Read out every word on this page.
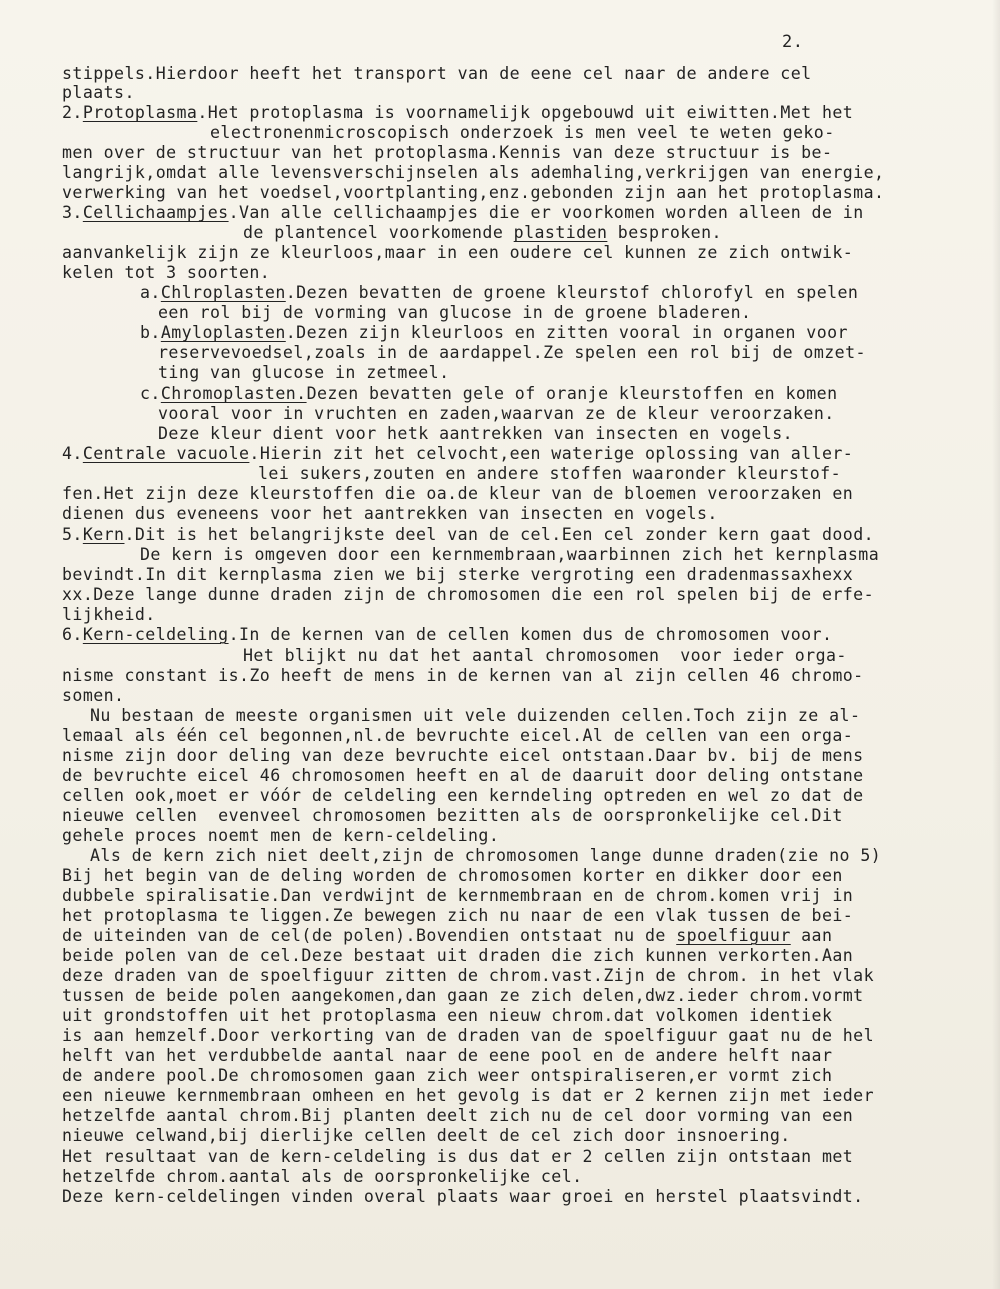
2.
stippels.Hierdoor heeft het transport van de eene cel naar de andere cel
plaats.
2.Protoplasma.Het protoplasma is voornamelijk opgebouwd uit eiwitten.Met het
electronenmicroscopisch onderzoek is men veel te weten geko-
men over de structuur van het protoplasma.Kennis van deze structuur is be-
langrijk,omdat alle levensverschijnselen als ademhaling,verkrijgen van energie,
verwerking van het voedsel,voortplanting,enz.gebonden zijn aan het protoplasma.
3.Cellichaampjes.Van alle cellichaampjes die er voorkomen worden alleen de in
de plantencel voorkomende plastiden besproken.
aanvankelijk zijn ze kleurloos,maar in een oudere cel kunnen ze zich ontwik-
kelen tot 3 soorten.
a.Chlroplasten.Dezen bevatten de groene kleurstof chlorofyl en spelen
een rol bij de vorming van glucose in de groene bladeren.
b.Amyloplasten.Dezen zijn kleurloos en zitten vooral in organen voor
reservevoedsel,zoals in de aardappel.Ze spelen een rol bij de omzet-
ting van glucose in zetmeel.
c.Chromoplasten.Dezen bevatten gele of oranje kleurstoffen en komen
vooral voor in vruchten en zaden,waarvan ze de kleur veroorzaken.
Deze kleur dient voor hetk aantrekken van insecten en vogels.
4.Centrale vacuole.Hierin zit het celvocht,een waterige oplossing van aller-
lei sukers,zouten en andere stoffen waaronder kleurstof-
fen.Het zijn deze kleurstoffen die oa.de kleur van de bloemen veroorzaken en
dienen dus eveneens voor het aantrekken van insecten en vogels.
5.Kern.Dit is het belangrijkste deel van de cel.Een cel zonder kern gaat dood.
De kern is omgeven door een kernmembraan,waarbinnen zich het kernplasma
bevindt.In dit kernplasma zien we bij sterke vergroting een dradenmassaxhexx
xx.Deze lange dunne draden zijn de chromosomen die een rol spelen bij de erfe-
lijkheid.
6.Kern-celdeling.In de kernen van de cellen komen dus de chromosomen voor.
Het blijkt nu dat het aantal chromosomen  voor ieder orga-
nisme constant is.Zo heeft de mens in de kernen van al zijn cellen 46 chromo-
somen.
Nu bestaan de meeste organismen uit vele duizenden cellen.Toch zijn ze al-
lemaal als één cel begonnen,nl.de bevruchte eicel.Al de cellen van een orga-
nisme zijn door deling van deze bevruchte eicel ontstaan.Daar bv. bij de mens
de bevruchte eicel 46 chromosomen heeft en al de daaruit door deling ontstane
cellen ook,moet er vóór de celdeling een kerndeling optreden en wel zo dat de
nieuwe cellen  evenveel chromosomen bezitten als de oorspronkelijke cel.Dit
gehele proces noemt men de kern-celdeling.
Als de kern zich niet deelt,zijn de chromosomen lange dunne draden(zie no 5)
Bij het begin van de deling worden de chromosomen korter en dikker door een
dubbele spiralisatie.Dan verdwijnt de kernmembraan en de chrom.komen vrij in
het protoplasma te liggen.Ze bewegen zich nu naar de een vlak tussen de bei-
de uiteinden van de cel(de polen).Bovendien ontstaat nu de spoelfiguur aan
beide polen van de cel.Deze bestaat uit draden die zich kunnen verkorten.Aan
deze draden van de spoelfiguur zitten de chrom.vast.Zijn de chrom. in het vlak
tussen de beide polen aangekomen,dan gaan ze zich delen,dwz.ieder chrom.vormt
uit grondstoffen uit het protoplasma een nieuw chrom.dat volkomen identiek
is aan hemzelf.Door verkorting van de draden van de spoelfiguur gaat nu de hel
helft van het verdubbelde aantal naar de eene pool en de andere helft naar
de andere pool.De chromosomen gaan zich weer ontspiraliseren,er vormt zich
een nieuwe kernmembraan omheen en het gevolg is dat er 2 kernen zijn met ieder
hetzelfde aantal chrom.Bij planten deelt zich nu de cel door vorming van een
nieuwe celwand,bij dierlijke cellen deelt de cel zich door insnoering.
Het resultaat van de kern-celdeling is dus dat er 2 cellen zijn ontstaan met
hetzelfde chrom.aantal als de oorspronkelijke cel.
Deze kern-celdelingen vinden overal plaats waar groei en herstel plaatsvindt.
